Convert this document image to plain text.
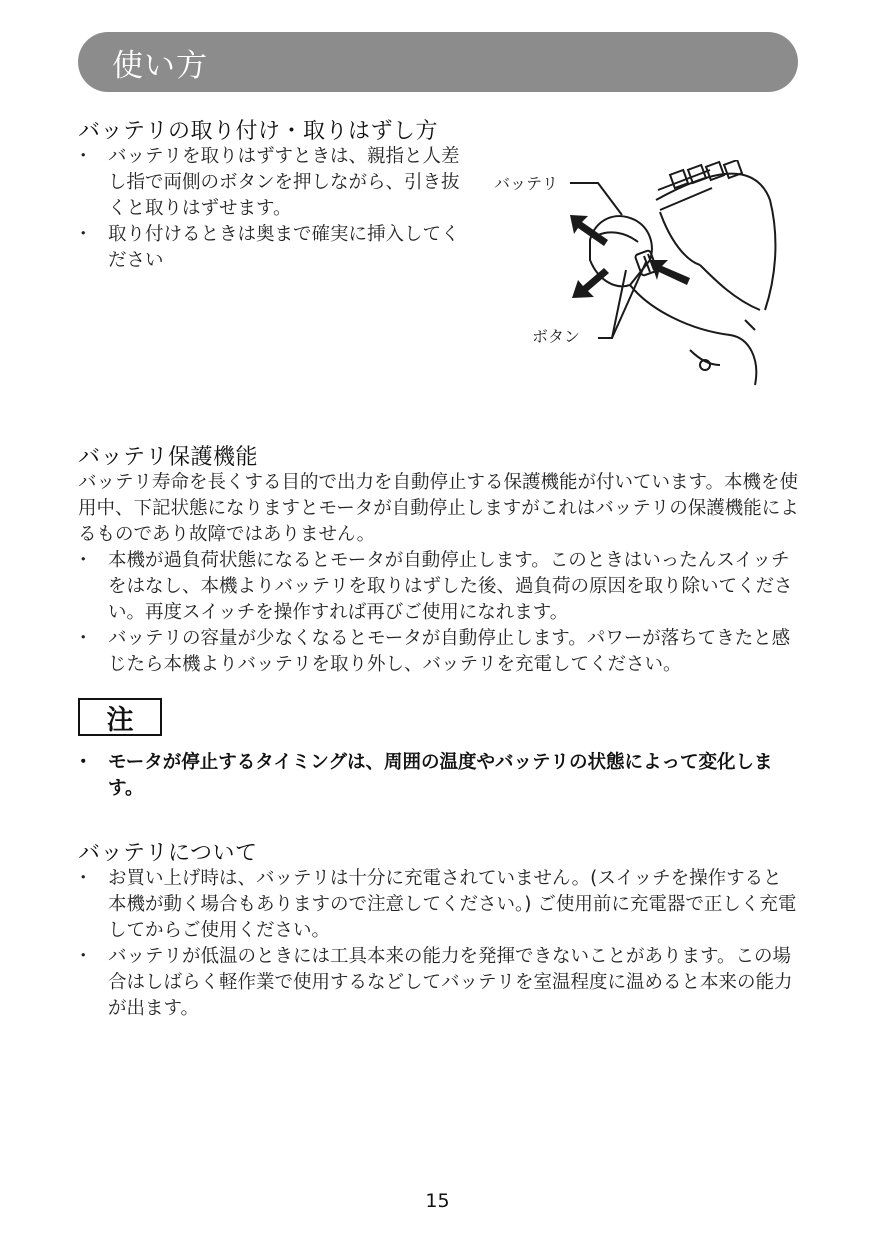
使い方
バッテリの取り付け・取りはずし方
・ バッテリを取りはずすときは、親指と人差し指で両側のボタンを押しながら、引き抜くと取りはずせます。
・ 取り付けるときは奥まで確実に挿入してください
バッテリ
ボタン
バッテリ保護機能

バッテリ寿命を長くする目的で出力を自動停止する保護機能が付いています。本機を使用中、下記状態になりますとモータが自動停止しますがこれはバッテリの保護機能によるものであり故障ではありません。

・ 本機が過負荷状態になるとモータが自動停止します。このときはいったんスイッチをはなし、本機よりバッテリを取りはずした後、過負荷の原因を取り除いてください。再度スイッチを操作すれば再びご使用になれます。
・ バッテリの容量が少なくなるとモータが自動停止します。パワーが落ちてきたと感じたら本機よりバッテリを取り外し、バッテリを充電してください。
注
・ モータが停止するタイミングは、周囲の温度やバッテリの状態によって変化します。
バッテリについて
・ お買い上げ時は、バッテリは十分に充電されていません。(スイッチを操作すると本機が動く場合もありますので注意してください。) ご使用前に充電器で正しく充電してからご使用ください。
・ バッテリが低温のときには工具本来の能力を発揮できないことがあります。この場合はしばらく軽作業で使用するなどしてバッテリを室温程度に温めると本来の能力が出ます。
15
